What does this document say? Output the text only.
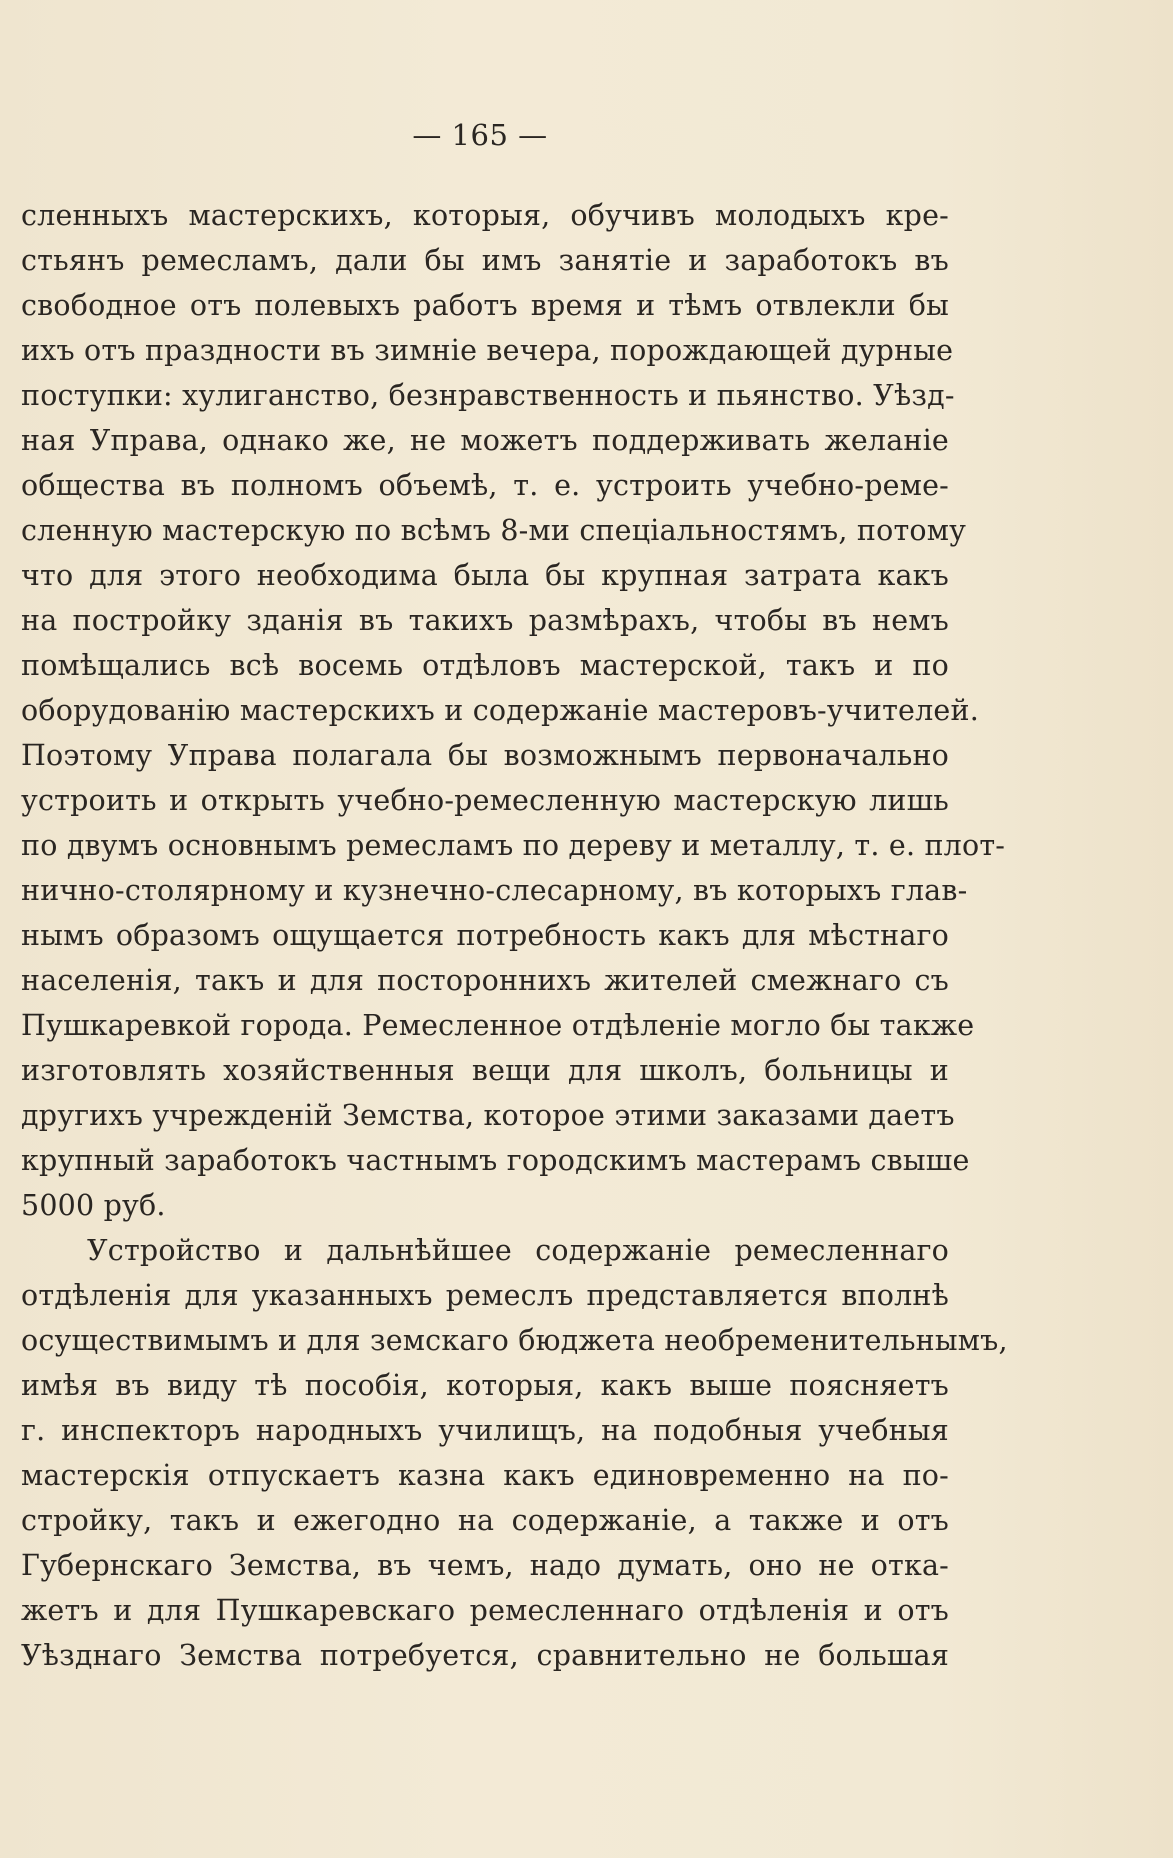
— 165 —
сленныхъ мастерскихъ, которыя, обучивъ молодыхъ кре-
стьянъ ремесламъ, дали бы имъ занятіе и заработокъ въ
свободное отъ полевыхъ работъ время и тѣмъ отвлекли бы
ихъ отъ праздности въ зимніе вечера, порождающей дурные
поступки: хулиганство, безнравственность и пьянство. Уѣзд-
ная Управа, однако же, не можетъ поддерживать желаніе
общества въ полномъ объемѣ, т. е. устроить учебно-реме-
сленную мастерскую по всѣмъ 8-ми спеціальностямъ, потому
что для этого необходима была бы крупная затрата какъ
на постройку зданія въ такихъ размѣрахъ, чтобы въ немъ
помѣщались всѣ восемь отдѣловъ мастерской, такъ и по
оборудованію мастерскихъ и содержаніе мастеровъ-учителей.
Поэтому Управа полагала бы возможнымъ первоначально
устроить и открыть учебно-ремесленную мастерскую лишь
по двумъ основнымъ ремесламъ по дереву и металлу, т. е. плот-
нично-столярному и кузнечно-слесарному, въ которыхъ глав-
нымъ образомъ ощущается потребность какъ для мѣстнаго
населенія, такъ и для постороннихъ жителей смежнаго съ
Пушкаревкой города. Ремесленное отдѣленіе могло бы также
изготовлять хозяйственныя вещи для школъ, больницы и
другихъ учрежденій Земства, которое этими заказами даетъ
крупный заработокъ частнымъ городскимъ мастерамъ свыше
5000 руб.
Устройство и дальнѣйшее содержаніе ремесленнаго
отдѣленія для указанныхъ ремеслъ представляется вполнѣ
осуществимымъ и для земскаго бюджета необременительнымъ,
имѣя въ виду тѣ пособія, которыя, какъ выше поясняетъ
г. инспекторъ народныхъ училищъ, на подобныя учебныя
мастерскія отпускаетъ казна какъ единовременно на по-
стройку, такъ и ежегодно на содержаніе, а также и отъ
Губернскаго Земства, въ чемъ, надо думать, оно не отка-
жетъ и для Пушкаревскаго ремесленнаго отдѣленія и отъ
Уѣзднаго Земства потребуется, сравнительно не большая
